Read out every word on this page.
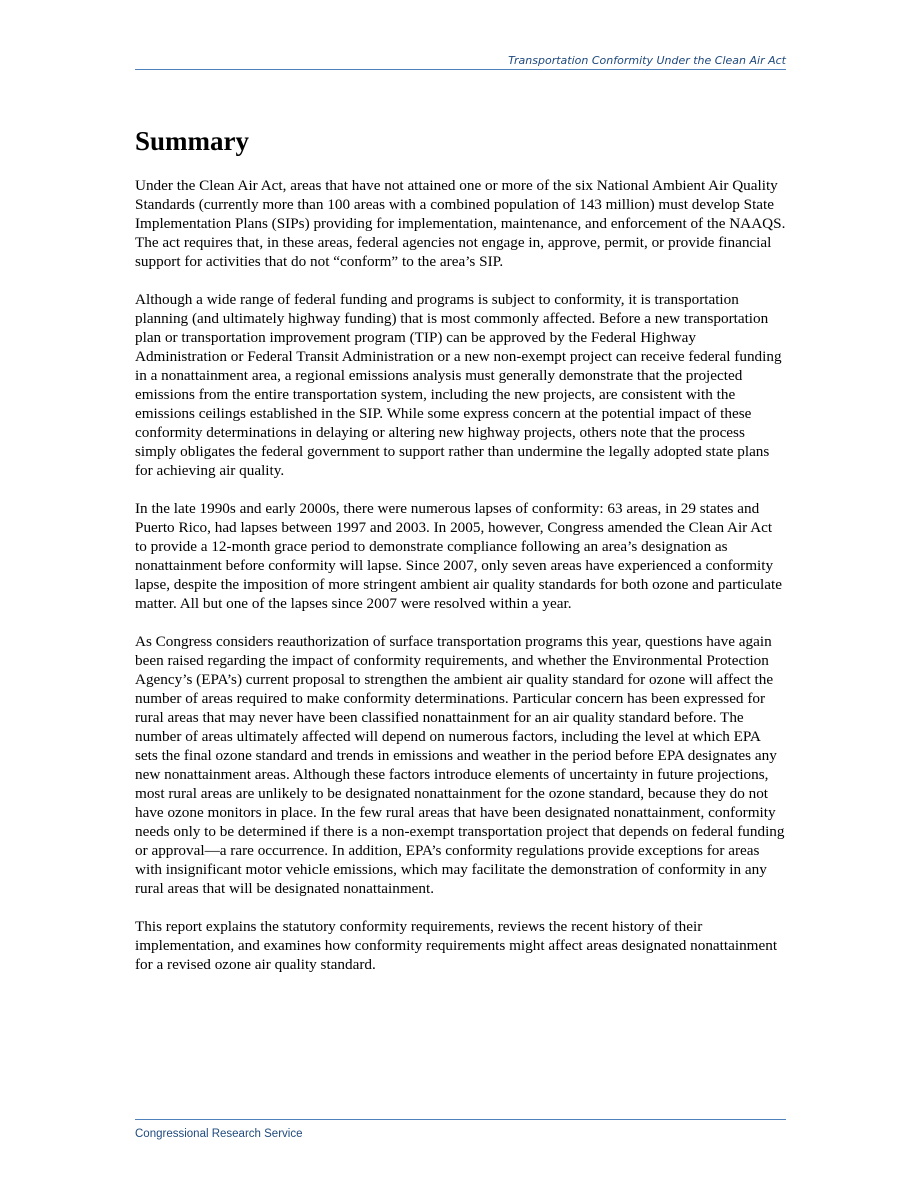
Transportation Conformity Under the Clean Air Act
Summary

Under the Clean Air Act, areas that have not attained one or more of the six National Ambient Air Quality Standards (currently more than 100 areas with a combined population of 143 million) must develop State Implementation Plans (SIPs) providing for implementation, maintenance, and enforcement of the NAAQS. The act requires that, in these areas, federal agencies not engage in, approve, permit, or provide financial support for activities that do not “conform” to the area’s SIP.

Although a wide range of federal funding and programs is subject to conformity, it is transportation planning (and ultimately highway funding) that is most commonly affected. Before a new transportation plan or transportation improvement program (TIP) can be approved by the Federal Highway Administration or Federal Transit Administration or a new non-exempt project can receive federal funding in a nonattainment area, a regional emissions analysis must generally demonstrate that the projected emissions from the entire transportation system, including the new projects, are consistent with the emissions ceilings established in the SIP. While some express concern at the potential impact of these conformity determinations in delaying or altering new highway projects, others note that the process simply obligates the federal government to support rather than undermine the legally adopted state plans for achieving air quality.

In the late 1990s and early 2000s, there were numerous lapses of conformity: 63 areas, in 29 states and Puerto Rico, had lapses between 1997 and 2003. In 2005, however, Congress amended the Clean Air Act to provide a 12-month grace period to demonstrate compliance following an area’s designation as nonattainment before conformity will lapse. Since 2007, only seven areas have experienced a conformity lapse, despite the imposition of more stringent ambient air quality standards for both ozone and particulate matter. All but one of the lapses since 2007 were resolved within a year.

As Congress considers reauthorization of surface transportation programs this year, questions have again been raised regarding the impact of conformity requirements, and whether the Environmental Protection Agency’s (EPA’s) current proposal to strengthen the ambient air quality standard for ozone will affect the number of areas required to make conformity determinations. Particular concern has been expressed for rural areas that may never have been classified nonattainment for an air quality standard before. The number of areas ultimately affected will depend on numerous factors, including the level at which EPA sets the final ozone standard and trends in emissions and weather in the period before EPA designates any new nonattainment areas. Although these factors introduce elements of uncertainty in future projections, most rural areas are unlikely to be designated nonattainment for the ozone standard, because they do not have ozone monitors in place. In the few rural areas that have been designated nonattainment, conformity needs only to be determined if there is a non-exempt transportation project that depends on federal funding or approval—a rare occurrence. In addition, EPA’s conformity regulations provide exceptions for areas with insignificant motor vehicle emissions, which may facilitate the demonstration of conformity in any rural areas that will be designated nonattainment.

This report explains the statutory conformity requirements, reviews the recent history of their implementation, and examines how conformity requirements might affect areas designated nonattainment for a revised ozone air quality standard.

Congressional Research Service
